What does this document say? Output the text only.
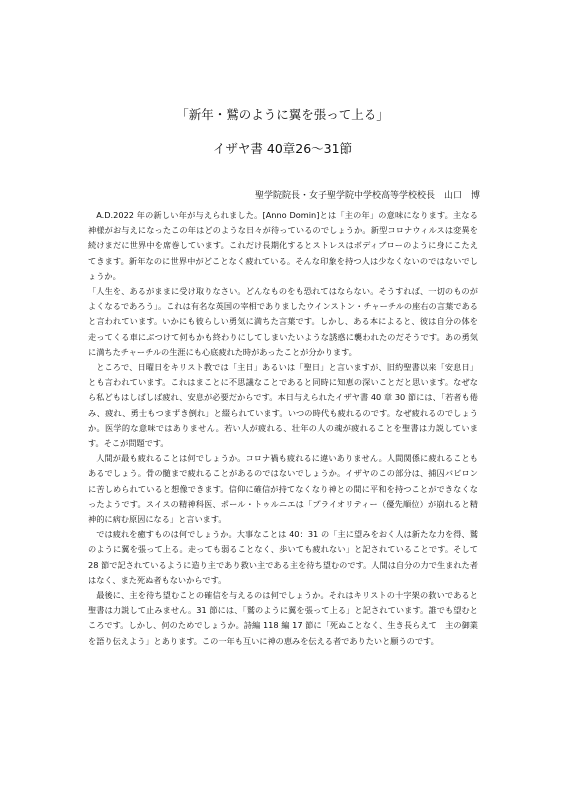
「新年・鷲のように翼を張って上る」
イザヤ書 40章26～31節
聖学院院長・女子聖学院中学校高等学校校長　山口　博

A.D.2022 年の新しい年が与えられました。[Anno Domin]とは「主の年」の意味になります。主なる神様がお与えになったこの年はどのような日々が待っているのでしょうか。新型コロナウィルスは変異を続けまだに世界中を席巻しています。これだけ長期化するとストレスはボディブローのように身にこたえてきます。新年なのに世界中がどことなく疲れている。そんな印象を持つ人は少なくないのではないでしょうか。

「人生を、あるがままに受け取りなさい。どんなものをも恐れてはならない。そうすれば、一切のものがよくなるであろう」。これは有名な英国の宰相でありましたウインストン・チャーチルの座右の言葉であると言われています。いかにも彼らしい勇気に満ちた言葉です。しかし、ある本によると、彼は自分の体を走ってくる車にぶつけて何もかも終わりにしてしまいたいような誘惑に襲われたのだそうです。あの勇気に満ちたチャーチルの生涯にも心底疲れた時があったことが分かります。

ところで、日曜日をキリスト教では「主日」あるいは「聖日」と言いますが、旧約聖書以来「安息日」とも言われています。これはまことに不思議なことであると同時に知恵の深いことだと思います。なぜなら私どもはしばしば疲れ、安息が必要だからです。本日与えられたイザヤ書 40 章 30 節には、「若者も倦み、疲れ、勇士もつまずき倒れ」と綴られています。いつの時代も疲れるのです。なぜ疲れるのでしょうか。医学的な意味ではありません。若い人が疲れる、壮年の人の魂が疲れることを聖書は力説しています。そこが問題です。

人間が最も疲れることは何でしょうか。コロナ禍も疲れるに違いありません。人間関係に疲れることもあるでしょう。骨の髄まで疲れることがあるのではないでしょうか。イザヤのこの部分は、捕囚バビロンに苦しめられていると想像できます。信仰に確信が持てなくなり神との間に平和を持つことができなくなったようです。スイスの精神科医、ポール・トゥルニエは「プライオリティー（優先順位）が崩れると精神的に病む原因になる」と言います。

では疲れを癒すものは何でしょうか。大事なことは 40：31 の「主に望みをおく人は新たな力を得、鷲のように翼を張って上る。走っても弱ることなく、歩いても疲れない」と記されていることです。そして 28 節で記されているように造り主であり救い主である主を待ち望むのです。人間は自分の力で生まれた者はなく、また死ぬ者もないからです。

最後に、主を待ち望むことの確信を与えるのは何でしょうか。それはキリストの十字架の救いであると聖書は力説して止みません。31 節には、「鷲のように翼を張って上る」と記されています。誰でも望むところです。しかし、何のためでしょうか。詩編 118 編 17 節に「死ぬことなく、生き長らえて　主の御業を語り伝えよう」とあります。この一年も互いに神の恵みを伝える者でありたいと願うのです。
